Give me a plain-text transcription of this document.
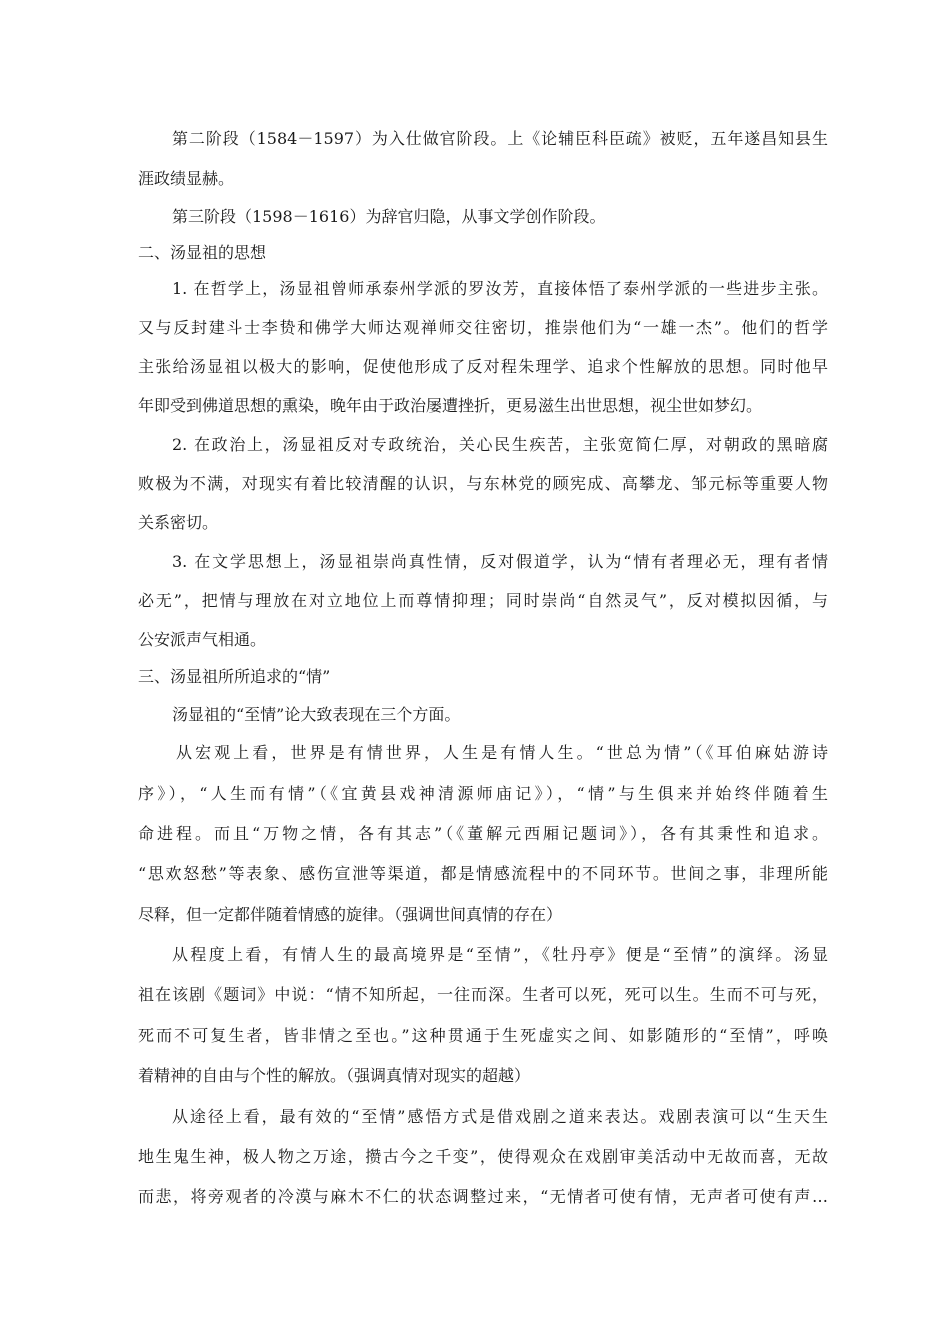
第二阶段（1584－1597）为入仕做官阶段。上《论辅臣科臣疏》被贬，五年遂昌知县生
涯政绩显赫。
第三阶段（1598－1616）为辞官归隐，从事文学创作阶段。
二、汤显祖的思想
1. 在哲学上，汤显祖曾师承泰州学派的罗汝芳，直接体悟了泰州学派的一些进步主张。
又与反封建斗士李贽和佛学大师达观禅师交往密切，推崇他们为“一雄一杰”。他们的哲学
主张给汤显祖以极大的影响，促使他形成了反对程朱理学、追求个性解放的思想。同时他早
年即受到佛道思想的熏染，晚年由于政治屡遭挫折，更易滋生出世思想，视尘世如梦幻。
2. 在政治上，汤显祖反对专政统治，关心民生疾苦，主张宽简仁厚，对朝政的黑暗腐
败极为不满，对现实有着比较清醒的认识，与东林党的顾宪成、高攀龙、邹元标等重要人物
关系密切。
3. 在文学思想上，汤显祖崇尚真性情，反对假道学，认为“情有者理必无，理有者情
必无”，把情与理放在对立地位上而尊情抑理；同时崇尚“自然灵气”，反对模拟因循，与
公安派声气相通。
三、汤显祖所所追求的“情”
汤显祖的“至情”论大致表现在三个方面。
从宏观上看，世界是有情世界，人生是有情人生。“世总为情”（《耳伯麻姑游诗
序》），“人生而有情”（《宜黄县戏神清源师庙记》），“情”与生俱来并始终伴随着生
命进程。而且“万物之情，各有其志”（《董解元西厢记题词》），各有其秉性和追求。
“思欢怒愁”等表象、感伤宣泄等渠道，都是情感流程中的不同环节。世间之事，非理所能
尽释，但一定都伴随着情感的旋律。（强调世间真情的存在）
从程度上看，有情人生的最高境界是“至情”，《牡丹亭》便是“至情”的演绎。汤显
祖在该剧《题词》中说：“情不知所起，一往而深。生者可以死，死可以生。生而不可与死，
死而不可复生者，皆非情之至也。”这种贯通于生死虚实之间、如影随形的“至情”，呼唤
着精神的自由与个性的解放。（强调真情对现实的超越）
从途径上看，最有效的“至情”感悟方式是借戏剧之道来表达。戏剧表演可以“生天生
地生鬼生神，极人物之万途，攒古今之千变”，使得观众在戏剧审美活动中无故而喜，无故
而悲，将旁观者的冷漠与麻木不仁的状态调整过来，“无情者可使有情，无声者可使有声…
